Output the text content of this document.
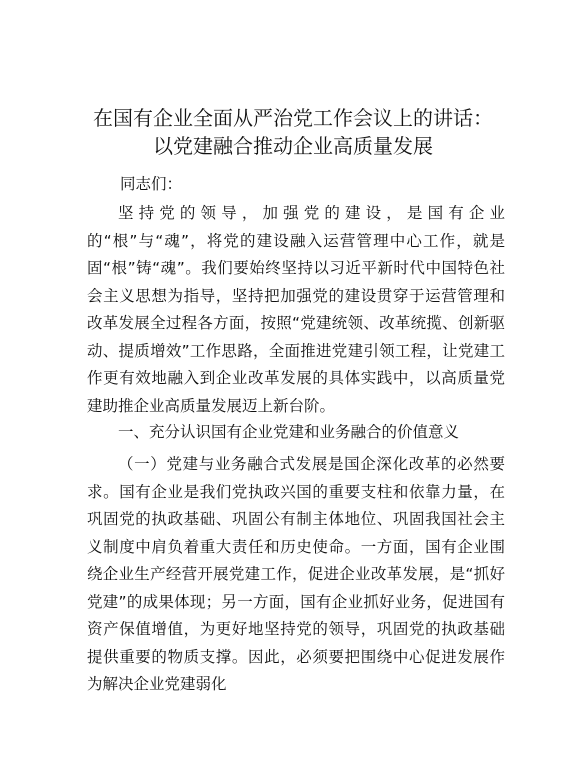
在国有企业全面从严治党工作会议上的讲话：
以党建融合推动企业高质量发展
同志们：

坚持党的领导，加强党的建设，是国有企业的“根”与“魂”，将党的建设融入运营管理中心工作，就是固“根”铸“魂”。我们要始终坚持以习近平新时代中国特色社会主义思想为指导，坚持把加强党的建设贯穿于运营管理和改革发展全过程各方面，按照“党建统领、改革统揽、创新驱动、提质增效”工作思路，全面推进党建引领工程，让党建工作更有效地融入到企业改革发展的具体实践中，以高质量党建助推企业高质量发展迈上新台阶。

一、充分认识国有企业党建和业务融合的价值意义

（一）党建与业务融合式发展是国企深化改革的必然要求。国有企业是我们党执政兴国的重要支柱和依靠力量，在巩固党的执政基础、巩固公有制主体地位、巩固我国社会主义制度中肩负着重大责任和历史使命。一方面，国有企业围绕企业生产经营开展党建工作，促进企业改革发展，是“抓好党建”的成果体现；另一方面，国有企业抓好业务，促进国有资产保值增值，为更好地坚持党的领导，巩固党的执政基础提供重要的物质支撑。因此，必须要把围绕中心促进发展作为解决企业党建弱化
